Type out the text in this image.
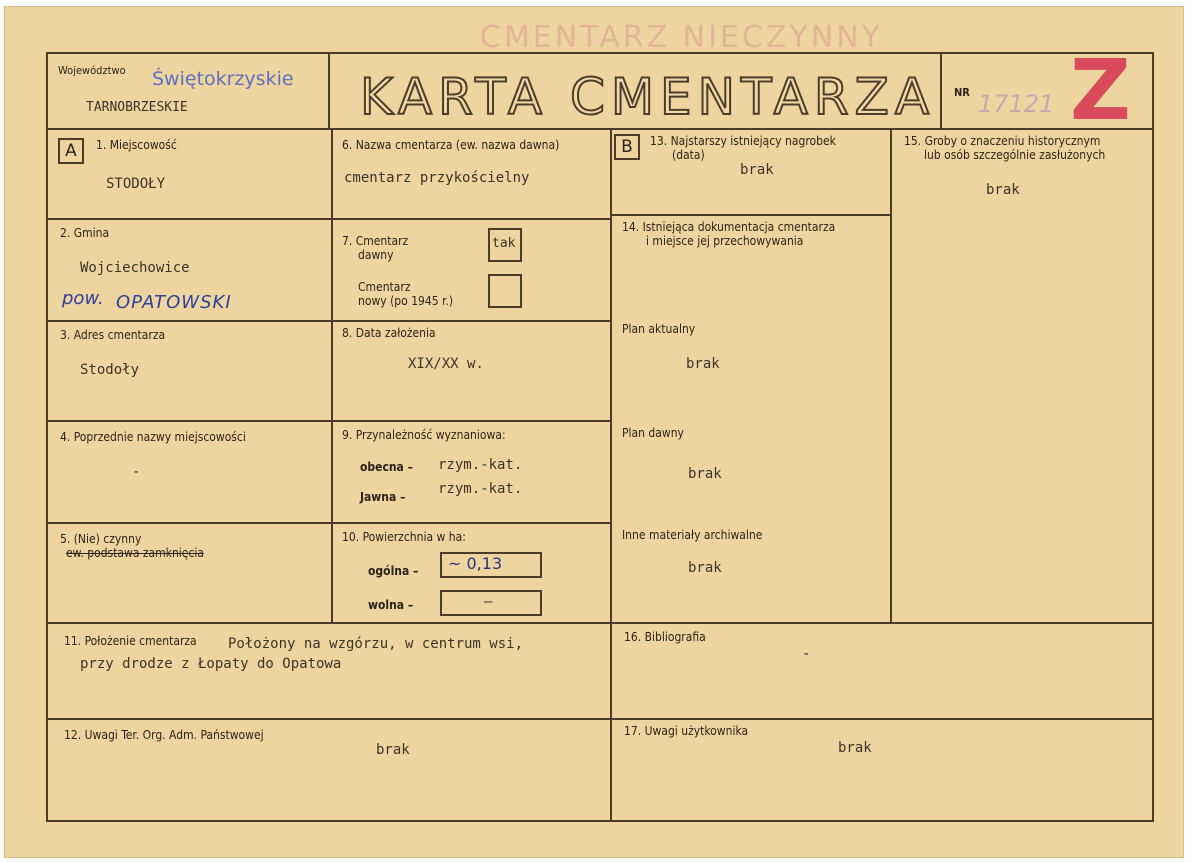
CMENTARZ NIECZYNNY
Województwo Świętokrzyskie
TARNOBRZESKIE	KARTA CMENTARZA NR 17121 Z
A	1. Miejscowość
STODOŁY
2. Gmina
Wojciechowice
pow. OPATOWSKI
3. Adres cmentarza
Stodoły
4. Poprzednie nazwy miejscowości
-
5. (Nie) czynny
ew. podstawa zamknięcia
6. Nazwa cmentarza (ew. nazwa dawna)
cmentarz przykościelny
7. Cmentarz
dawny
tak
Cmentarz
nowy (po 1945 r.)
8. Data założenia
XIX/XX w.
9. Przynależność wyznaniowa:
obecna – rzym.-kat.
Jawna – rzym.-kat.
10. Powierzchnia w ha:
ogólna – ~ 0,13
wolna –	–
B	13. Najstarszy istniejący nagrobek
(data)
brak
14. Istniejąca dokumentacja cmentarza
i miejsce jej przechowywania
Plan aktualny
brak
Plan dawny
brak
Inne materiały archiwalne
brak
15. Groby o znaczeniu historycznym
lub osób szczególnie zasłużonych
brak
11. Położenie cmentarza Położony na wzgórzu, w centrum wsi,
przy drodze z Łopaty do Opatowa
12. Uwagi Ter. Org. Adm. Państwowej
brak
16. Bibliografia
-
17. Uwagi użytkownika
brak
